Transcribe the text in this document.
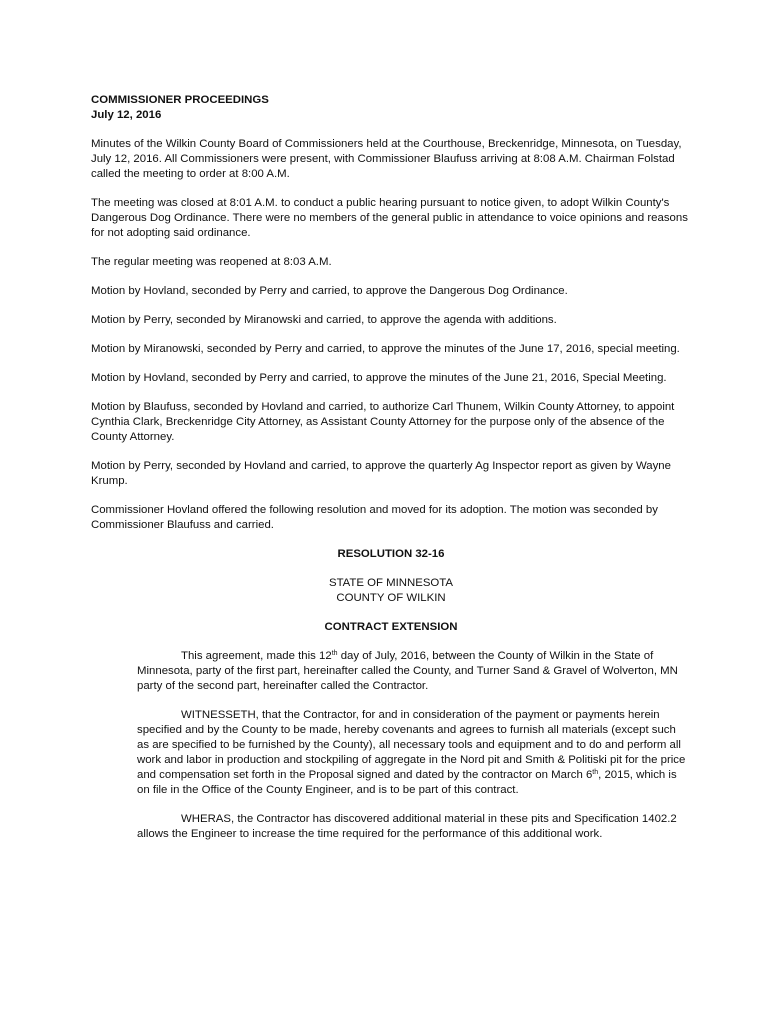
COMMISSIONER PROCEEDINGS

July 12, 2016

Minutes of the Wilkin County Board of Commissioners held at the Courthouse, Breckenridge, Minnesota, on Tuesday, July 12, 2016. All Commissioners were present, with Commissioner Blaufuss arriving at 8:08 A.M. Chairman Folstad called the meeting to order at 8:00 A.M.

The meeting was closed at 8:01 A.M. to conduct a public hearing pursuant to notice given, to adopt Wilkin County's Dangerous Dog Ordinance. There were no members of the general public in attendance to voice opinions and reasons for not adopting said ordinance.

The regular meeting was reopened at 8:03 A.M.

Motion by Hovland, seconded by Perry and carried, to approve the Dangerous Dog Ordinance.

Motion by Perry, seconded by Miranowski and carried, to approve the agenda with additions.

Motion by Miranowski, seconded by Perry and carried, to approve the minutes of the June 17, 2016, special meeting.

Motion by Hovland, seconded by Perry and carried, to approve the minutes of the June 21, 2016, Special Meeting.

Motion by Blaufuss, seconded by Hovland and carried, to authorize Carl Thunem, Wilkin County Attorney, to appoint Cynthia Clark, Breckenridge City Attorney, as Assistant County Attorney for the purpose only of the absence of the County Attorney.

Motion by Perry, seconded by Hovland and carried, to approve the quarterly Ag Inspector report as given by Wayne Krump.

Commissioner Hovland offered the following resolution and moved for its adoption. The motion was seconded by Commissioner Blaufuss and carried.

RESOLUTION 32-16

STATE OF MINNESOTA

COUNTY OF WILKIN

CONTRACT EXTENSION

This agreement, made this 12th day of July, 2016, between the County of Wilkin in the State of Minnesota, party of the first part, hereinafter called the County, and Turner Sand & Gravel of Wolverton, MN party of the second part, hereinafter called the Contractor.

WITNESSETH, that the Contractor, for and in consideration of the payment or payments herein specified and by the County to be made, hereby covenants and agrees to furnish all materials (except such as are specified to be furnished by the County), all necessary tools and equipment and to do and perform all work and labor in production and stockpiling of aggregate in the Nord pit and Smith & Politiski pit for the price and compensation set forth in the Proposal signed and dated by the contractor on March 6th, 2015, which is on file in the Office of the County Engineer, and is to be part of this contract.

WHERAS, the Contractor has discovered additional material in these pits and Specification 1402.2 allows the Engineer to increase the time required for the performance of this additional work.
